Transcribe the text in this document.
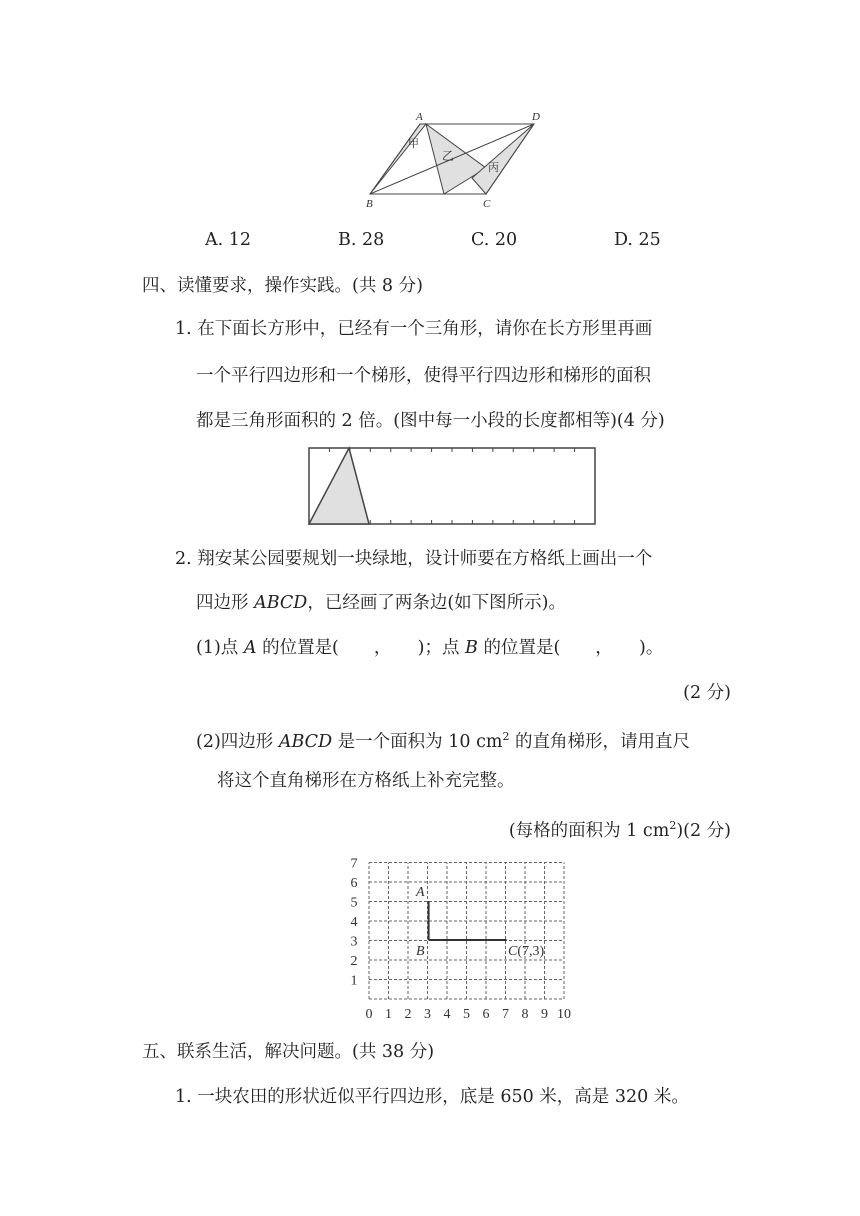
A	D
B	C
甲
乙
丙
A. 12	B. 28	C. 20	D. 25
四、读懂要求，操作实践。(共 8 分)
1. 在下面长方形中，已经有一个三角形，请你在长方形里再画
一个平行四边形和一个梯形，使得平行四边形和梯形的面积
都是三角形面积的 2 倍。(图中每一小段的长度都相等)(4 分)
2. 翔安某公园要规划一块绿地，设计师要在方格纸上画出一个
四边形 ABCD，已经画了两条边(如下图所示)。
(1)点 A 的位置是(　　，　　)；点 B 的位置是(　　，　　)。
(2 分)
(2)四边形 ABCD 是一个面积为 10 $cm^2$ 的直角梯形，请用直尺
将这个直角梯形在方格纸上补充完整。
(每格的面积为 1 $cm^2)(2$ 分)
0 1 2 3 4 5 6 7 8 9 10
1
2
3
4
5
6
7
A
B	C(7,3)
五、联系生活，解决问题。(共 38 分)
1. 一块农田的形状近似平行四边形，底是 650 米，高是 320 米。
